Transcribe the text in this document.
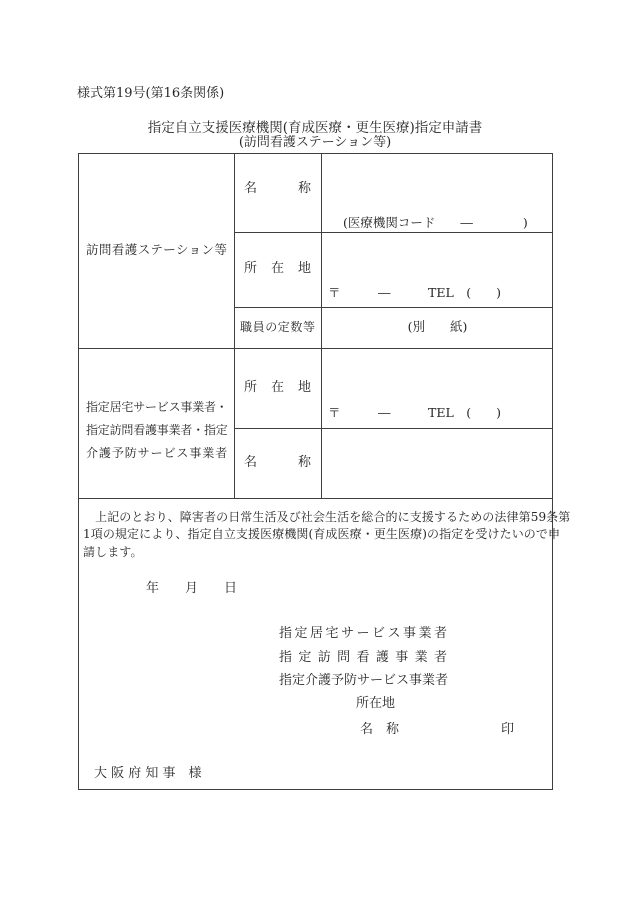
様式第19号(第16条関係)
指定自立支援医療機関(育成医療・更生医療)指定申請書
(訪問看護ステーション等)
訪問看護ステーション等
名称
(医療機関コード　　―　　　　)
所在地
〒　　　―　　　TEL　(　　)
職員の定数等	(別　　紙)
指定居宅サービス事業者・
指定訪問看護事業者・指定
介護予防サービス事業者
所在地
〒　　　―　　　TEL　(　　)
名称
　上記のとおり、障害者の日常生活及び社会生活を総合的に支援するための法律第59条第
1項の規定により、指定自立支援医療機関(育成医療・更生医療)の指定を受けたいので申
請します。
年　　月　　日
指定居宅サービス事業者
指定訪問看護事業者
指定介護予防サービス事業者
所在地
名　称	印
大 阪 府 知 事　様
